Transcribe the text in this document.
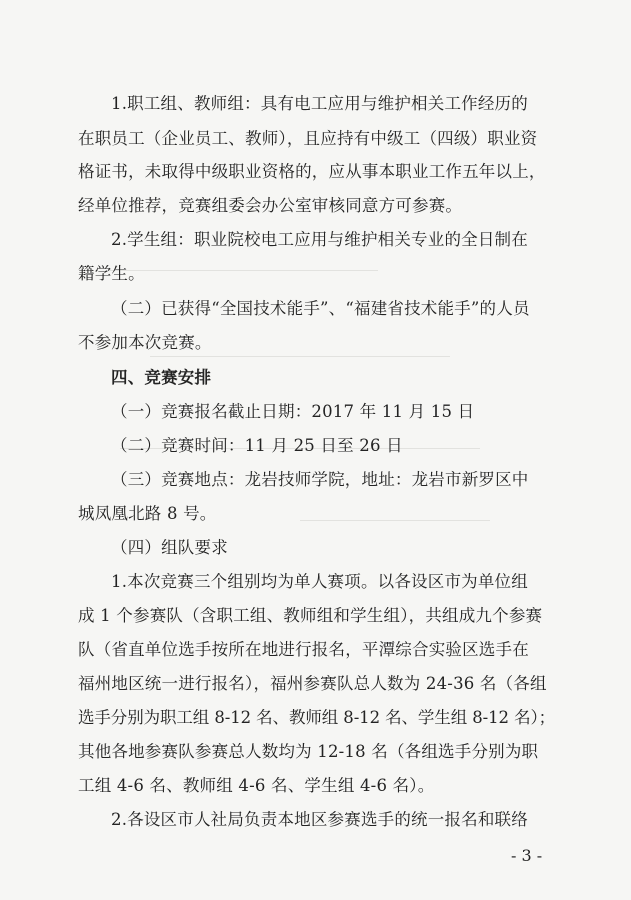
1.职工组、教师组：具有电工应用与维护相关工作经历的
在职员工（企业员工、教师），且应持有中级工（四级）职业资
格证书，未取得中级职业资格的，应从事本职业工作五年以上，
经单位推荐，竞赛组委会办公室审核同意方可参赛。
2.学生组：职业院校电工应用与维护相关专业的全日制在
籍学生。
（二）已获得“全国技术能手”、“福建省技术能手”的人员
不参加本次竞赛。
四、竞赛安排
（一）竞赛报名截止日期：2017 年 11 月 15 日
（二）竞赛时间：11 月 25 日至 26 日
（三）竞赛地点：龙岩技师学院，地址：龙岩市新罗区中
城凤凰北路 8 号。
（四）组队要求
1.本次竞赛三个组别均为单人赛项。以各设区市为单位组
成 1 个参赛队（含职工组、教师组和学生组），共组成九个参赛
队（省直单位选手按所在地进行报名，平潭综合实验区选手在
福州地区统一进行报名），福州参赛队总人数为 24-36 名（各组
选手分别为职工组 8-12 名、教师组 8-12 名、学生组 8-12 名）；
其他各地参赛队参赛总人数均为 12-18 名（各组选手分别为职
工组 4-6 名、教师组 4-6 名、学生组 4-6 名）。
2.各设区市人社局负责本地区参赛选手的统一报名和联络
- 3 -
